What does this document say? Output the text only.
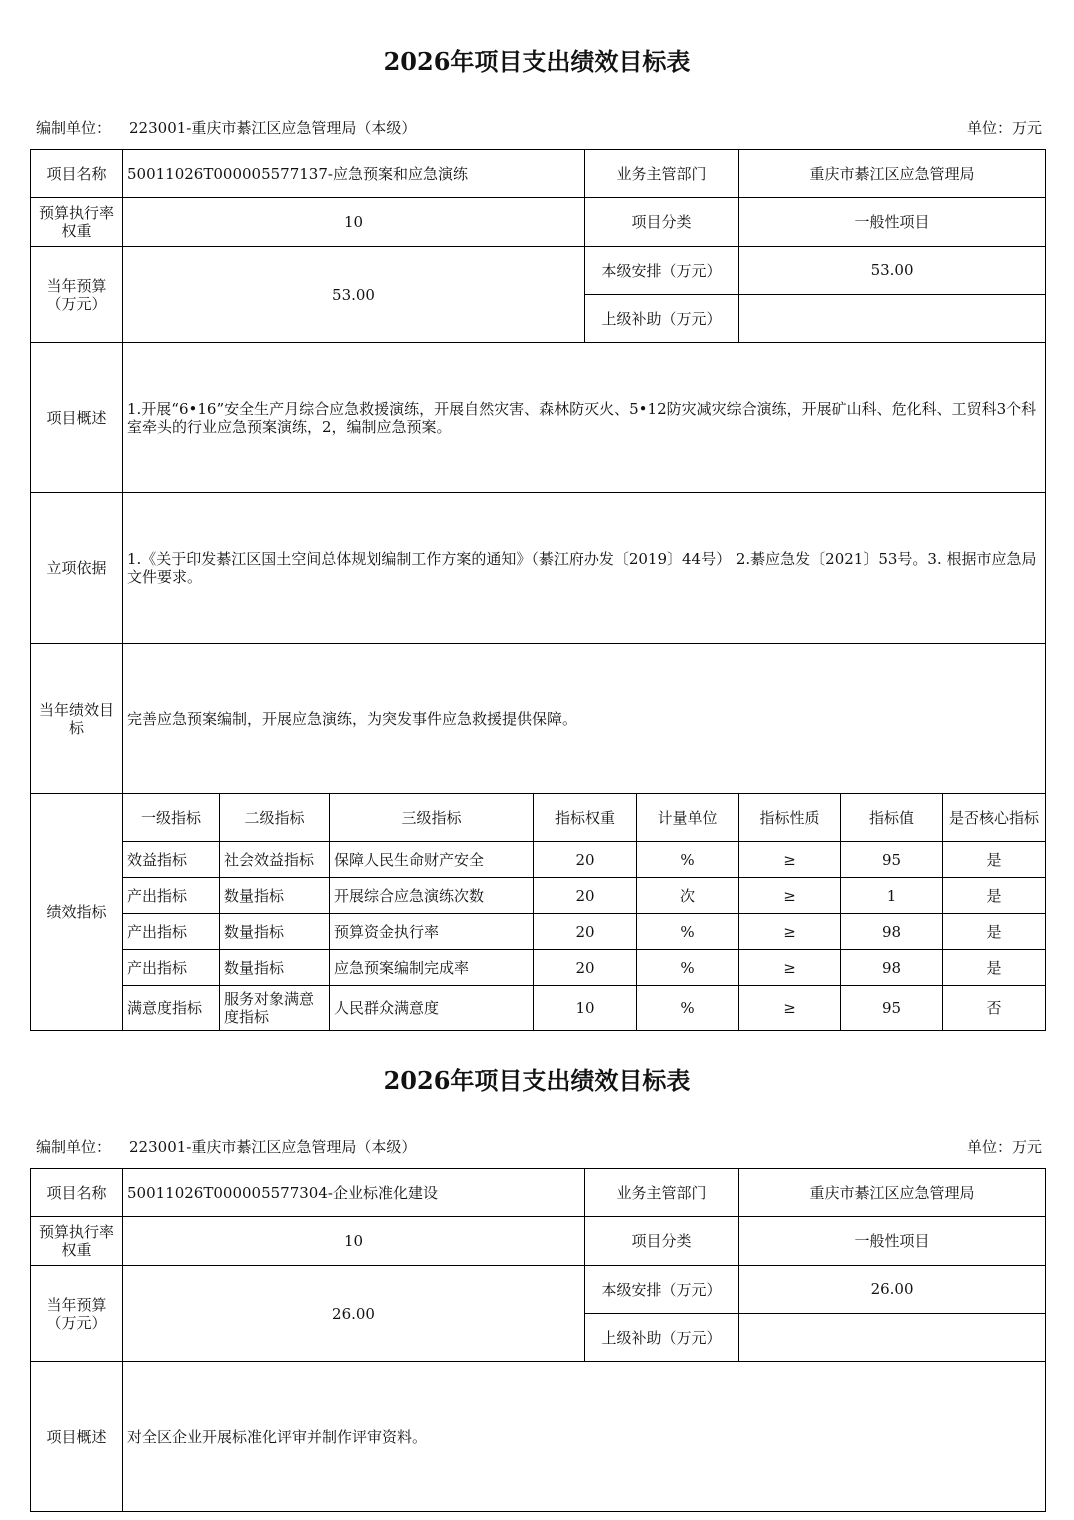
2026年项目支出绩效目标表
编制单位： 223001-重庆市綦江区应急管理局（本级）	单位：万元
项目名称	50011026T000005577137-应急预案和应急演练				业务主管部门		重庆市綦江区应急管理局		
预算执行率权重	10				项目分类		一般性项目		
当年预算（万元）	53.00				本级安排（万元）		53.00		
					上级补助（万元）				
项目概述	1.开展“6•16”安全生产月综合应急救援演练，开展自然灾害、森林防灭火、5•12防灾减灾综合演练，开展矿山科、危化科、工贸科3个科室牵头的行业应急预案演练，2，编制应急预案。								
立项依据	1.《关于印发綦江区国土空间总体规划编制工作方案的通知》（綦江府办发〔2019〕44号） 2.綦应急发〔2021〕53号。3. 根据市应急局文件要求。								
当年绩效目标	完善应急预案编制，开展应急演练，为突发事件应急救援提供保障。								
绩效指标	一级指标	二级指标	三级指标	指标权重		计量单位	指标性质	指标值	是否核心指标
	效益指标	社会效益指标	保障人民生命财产安全	20		%	≥	95	是
	产出指标	数量指标	开展综合应急演练次数	20		次	≥	1	是
	产出指标	数量指标	预算资金执行率	20		%	≥	98	是
	产出指标	数量指标	应急预案编制完成率	20		%	≥	98	是
	满意度指标	服务对象满意度指标	人民群众满意度	10		%	≥	95	否
2026年项目支出绩效目标表
编制单位： 223001-重庆市綦江区应急管理局（本级）	单位：万元
项目名称	50011026T000005577304-企业标准化建设	业务主管部门	重庆市綦江区应急管理局
预算执行率权重	10	项目分类	一般性项目
当年预算（万元）	26.00	本级安排（万元）	26.00
		上级补助（万元）	
项目概述	对全区企业开展标准化评审并制作评审资料。		
